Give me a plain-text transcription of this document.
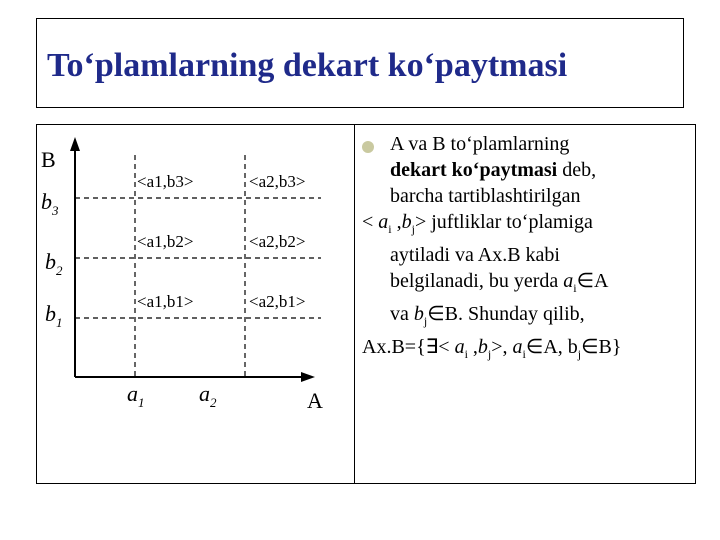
To‘plamlarning dekart ko‘paytmasi
B
A
$b_3$
$b_2$
$b_1$
$a_1$ $a_2$
<a1,b3>	<a2,b3>
<a1,b2>	<a2,b2>
<a1,b1>	<a2,b1>
A va B to‘plamlarning
dekart ko‘paytmasi deb,
barcha tartiblashtirilgan
< $a_i$ $,b_j>$ juftliklar to‘plamiga
aytiladi va Ax.B kabi
belgilanadi, bu yerda $a_i\in A$
va $b_j\in B$. Shunday qilib,
Ax.B={∃< $a_i$ $,b_j>$, $a_i\in A$, $b_j\in B$}
